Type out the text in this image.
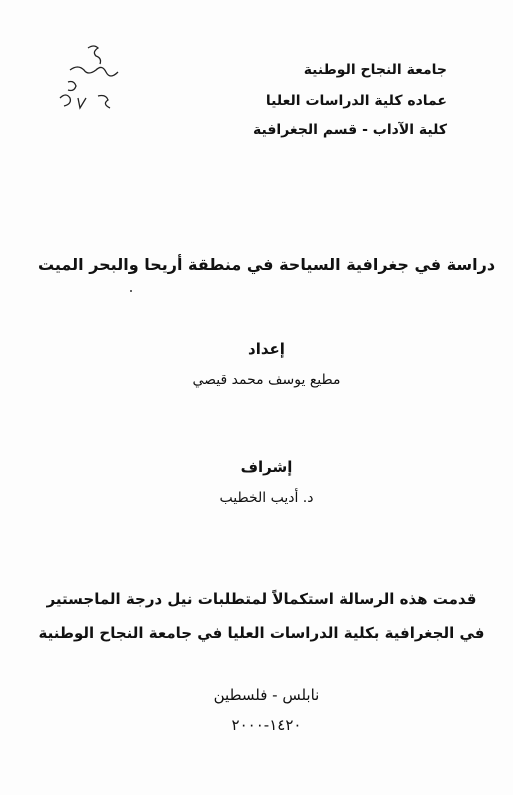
جامعة النجاح الوطنية
عماده كلية الدراسات العليا
كلية الآداب - قسم الجغرافية
دراسة في جغرافية السياحة في منطقة أريحا والبحر الميت
إعداد
مطيع يوسف محمد قيصي
إشراف
د. أديب الخطيب
قدمت هذه الرسالة استكمالاً لمتطلبات نيل درجة الماجستير
في الجغرافية بكلية الدراسات العليا في جامعة النجاح الوطنية
نابلس - فلسطين
١٤٢٠-٢٠٠٠
